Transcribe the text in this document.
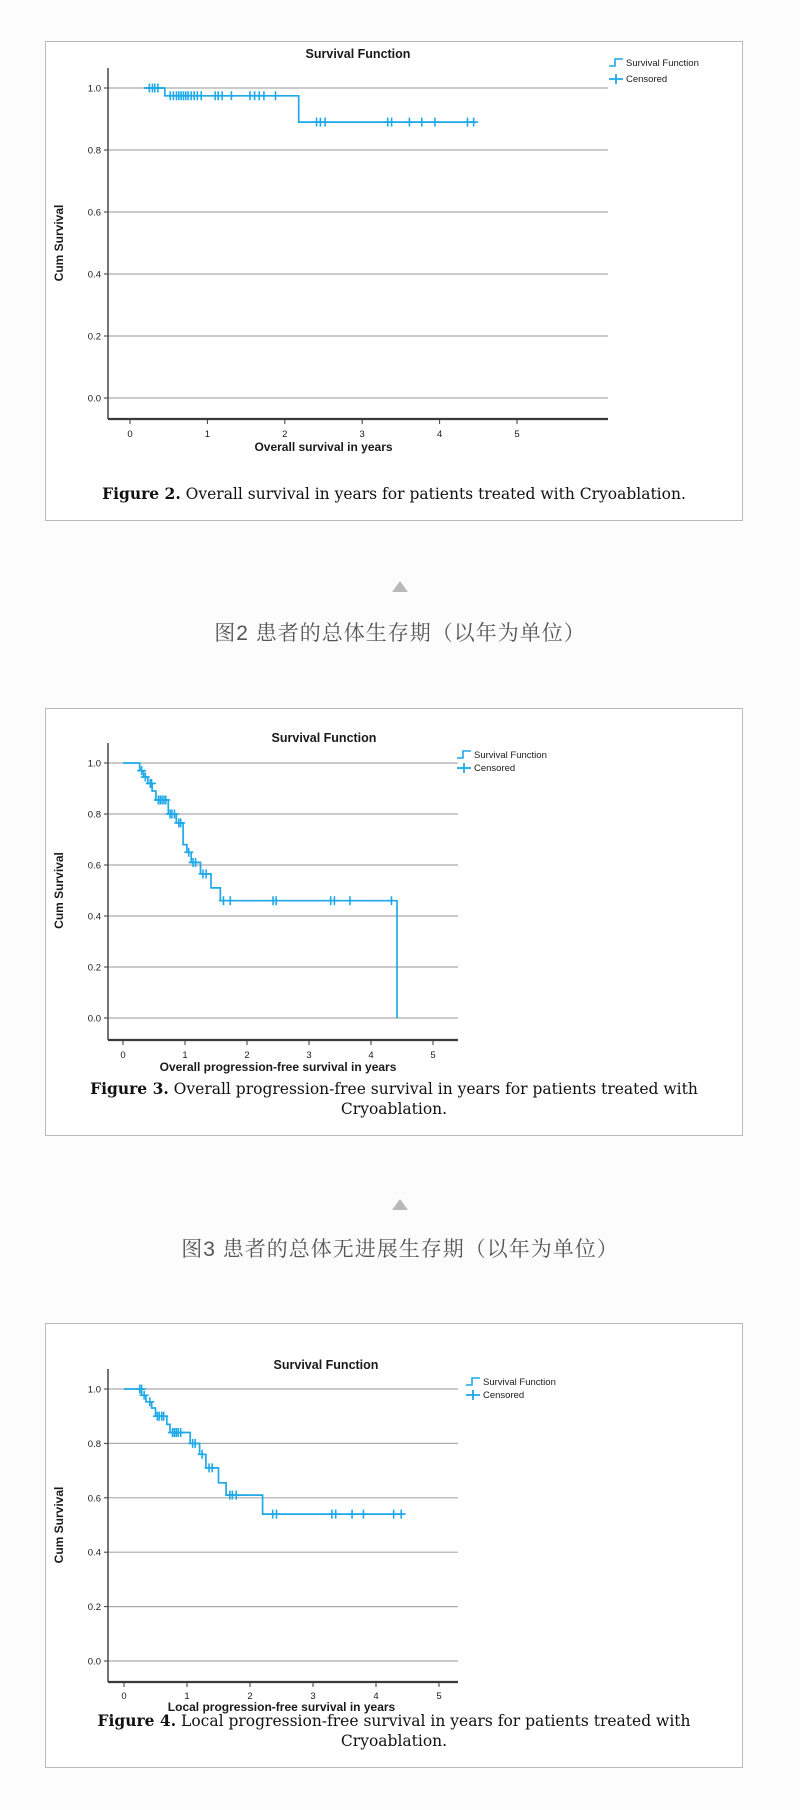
Survival Function
0.0
0.2
0.4
0.6
0.8
1.0
0	1	2	3	4	5
Overall survival in years
Cum Survival
Survival Function
Censored
Figure 2. Overall survival in years for patients treated with Cryoablation.
图2 患者的总体生存期（以年为单位）
Survival Function
0.0
0.2
0.4
0.6
0.8
1.0
0	1	2	3	4	5
Overall progression-free survival in years
Cum Survival
Survival Function
Censored
Figure 3. Overall progression-free survival in years for patients treated with Cryoablation.
图3 患者的总体无进展生存期（以年为单位）
Survival Function
0.0
0.2
0.4
0.6
0.8
1.0
0	1	2	3	4	5
Local progression-free survival in years
Cum Survival
Survival Function
Censored
Figure 4. Local progression-free survival in years for patients treated with Cryoablation.
